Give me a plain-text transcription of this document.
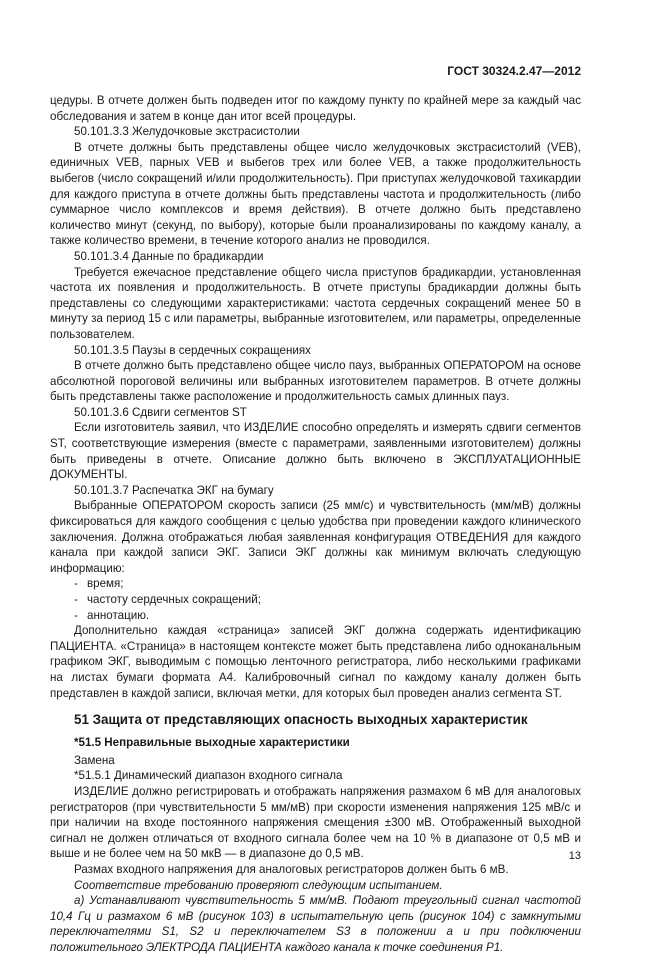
ГОСТ 30324.2.47—2012
цедуры. В отчете должен быть подведен итог по каждому пункту по крайней мере за каждый час обследования и затем в конце дан итог всей процедуры.
50.101.3.3 Желудочковые экстрасистолии
В отчете должны быть представлены общее число желудочковых экстрасистолий (VEB), единичных VEB, парных VEB и выбегов трех или более VEB, а также продолжительность выбегов (число сокращений и/или продолжительность). При приступах желудочковой тахикардии для каждого приступа в отчете должны быть представлены частота и продолжительность (либо суммарное число комплексов и время действия). В отчете должно быть представлено количество минут (секунд, по выбору), которые были проанализированы по каждому каналу, а также количество времени, в течение которого анализ не проводился.
50.101.3.4 Данные по брадикардии
Требуется ежечасное представление общего числа приступов брадикардии, установленная частота их появления и продолжительность. В отчете приступы брадикардии должны быть представлены со следующими характеристиками: частота сердечных сокращений менее 50 в минуту за период 15 с или параметры, выбранные изготовителем, или параметры, определенные пользователем.
50.101.3.5 Паузы в сердечных сокращениях
В отчете должно быть представлено общее число пауз, выбранных ОПЕРАТОРОМ на основе абсолютной пороговой величины или выбранных изготовителем параметров. В отчете должны быть представлены также расположение и продолжительность самых длинных пауз.
50.101.3.6 Сдвиги сегментов ST
Если изготовитель заявил, что ИЗДЕЛИЕ способно определять и измерять сдвиги сегментов ST, соответствующие измерения (вместе с параметрами, заявленными изготовителем) должны быть приведены в отчете. Описание должно быть включено в ЭКСПЛУАТАЦИОННЫЕ ДОКУМЕНТЫ.
50.101.3.7 Распечатка ЭКГ на бумагу
Выбранные ОПЕРАТОРОМ скорость записи (25 мм/с) и чувствительность (мм/мВ) должны фиксироваться для каждого сообщения с целью удобства при проведении каждого клинического заключения. Должна отображаться любая заявленная конфигурация ОТВЕДЕНИЯ для каждого канала при каждой записи ЭКГ. Записи ЭКГ должны как минимум включать следующую информацию:
- время;
- частоту сердечных сокращений;
- аннотацию.
Дополнительно каждая «страница» записей ЭКГ должна содержать идентификацию ПАЦИЕНТА. «Страница» в настоящем контексте может быть представлена либо одноканальным графиком ЭКГ, выводимым с помощью ленточного регистратора, либо несколькими графиками на листах бумаги формата А4. Калибровочный сигнал по каждому каналу должен быть представлен в каждой записи, включая метки, для которых был проведен анализ сегмента ST.
51 Защита от представляющих опасность выходных характеристик
*51.5 Неправильные выходные характеристики
Замена
*51.5.1 Динамический диапазон входного сигнала
ИЗДЕЛИЕ должно регистрировать и отображать напряжения размахом 6 мВ для аналоговых регистраторов (при чувствительности 5 мм/мВ) при скорости изменения напряжения 125 мВ/с и при наличии на входе постоянного напряжения смещения ±300 мВ. Отображенный выходной сигнал не должен отличаться от входного сигнала более чем на 10 % в диапазоне от 0,5 мВ и выше и не более чем на 50 мкВ — в диапазоне до 0,5 мВ.
Размах входного напряжения для аналоговых регистраторов должен быть 6 мВ.
Соответствие требованию проверяют следующим испытанием.
а) Устанавливают чувствительность 5 мм/мВ. Подают треугольный сигнал частотой 10,4 Гц и размахом 6 мВ (рисунок 103) в испытательную цепь (рисунок 104) с замкнутыми переключателями S1, S2 и переключателем S3 в положении а и при подключении положительного ЭЛЕКТРОДА ПАЦИЕНТА каждого канала к точке соединения Р1.
13
